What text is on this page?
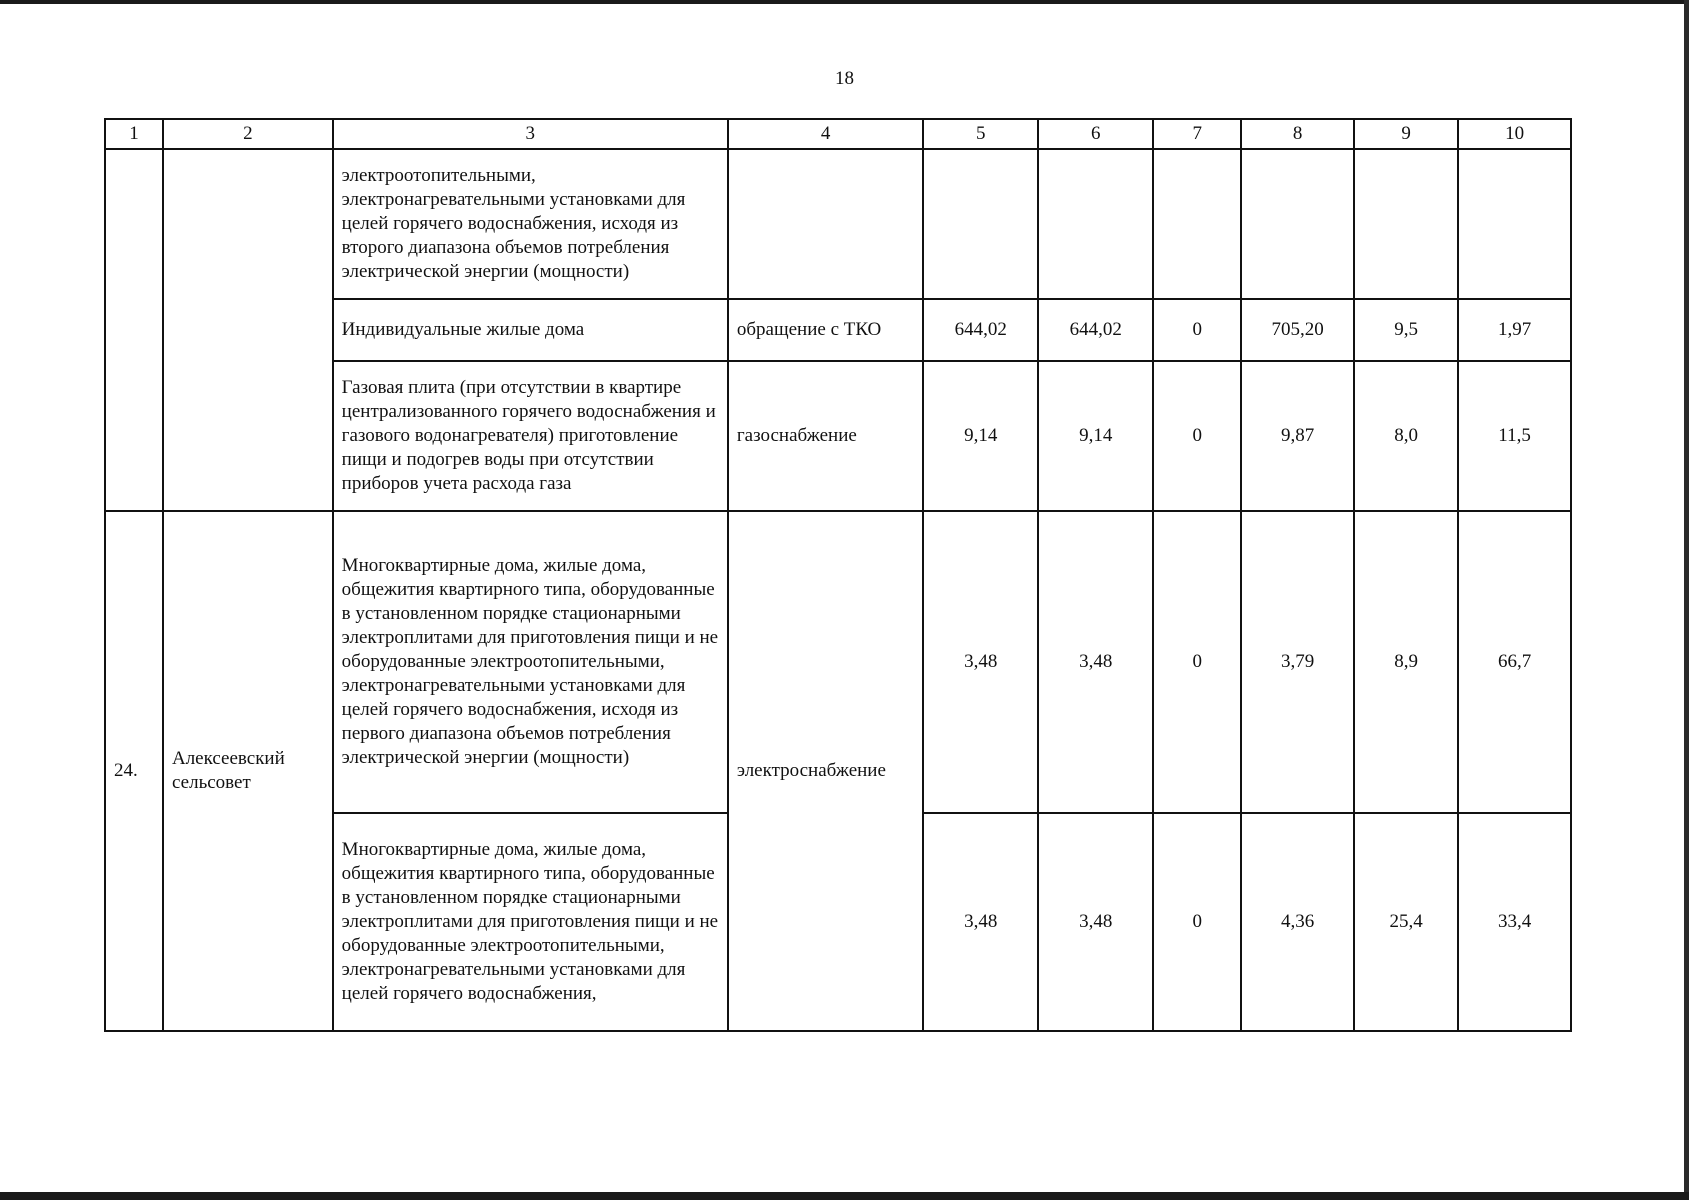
18
1	2	3	4	5	6	7	8	9	10
		электроотопительными, электронагревательными установками для целей горячего водоснабжения, исходя из второго диапазона объемов потребления электрической энергии (мощности)							
		Индивидуальные жилые дома	обращение с ТКО	644,02	644,02	0	705,20	9,5	1,97
		Газовая плита (при отсутствии в квартире централизованного горячего водоснабжения и газового водонагревателя) приготовление пищи и подогрев воды при отсутствии приборов учета расхода газа	газоснабжение	9,14	9,14	0	9,87	8,0	11,5
24.	Алексеевский сельсовет	Многоквартирные дома, жилые дома, общежития квартирного типа, оборудованные в установленном порядке стационарными электроплитами для приготовления пищи и не оборудованные электроотопительными, электронагревательными установками для целей горячего водоснабжения, исходя из первого диапазона объемов потребления электрической энергии (мощности)	электроснабжение	3,48	3,48	0	3,79	8,9	66,7
		Многоквартирные дома, жилые дома, общежития квартирного типа, оборудованные в установленном порядке стационарными электроплитами для приготовления пищи и не оборудованные электроотопительными, электронагревательными установками для целей горячего водоснабжения,		3,48	3,48	0	4,36	25,4	33,4
